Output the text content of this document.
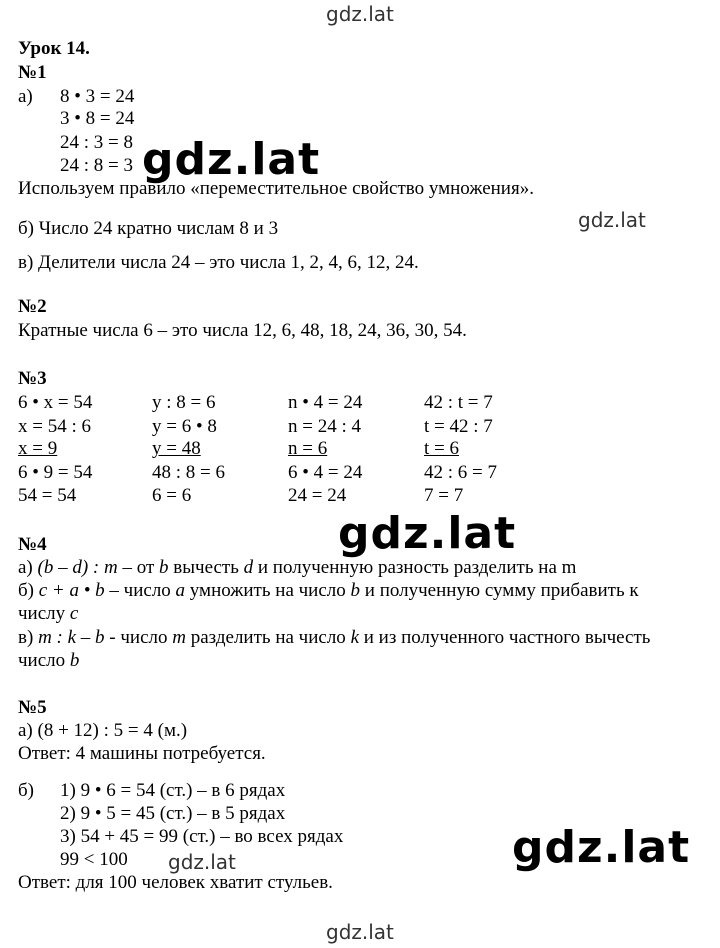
gdz.lat
gdz.lat
gdz.lat
gdz.lat
gdz.lat
gdz.lat
gdz.lat
Урок 14.
№1
а) 8 • 3 = 24
3 • 8 = 24
24 : 3 = 8
24 : 8 = 3
Используем правило «переместительное свойство умножения».
б) Число 24 кратно числам 8 и 3
в) Делители числа 24 – это числа 1, 2, 4, 6, 12, 24.
№2
Кратные числа 6 – это числа 12, 6, 48, 18, 24, 36, 30, 54.
№3
6 • x = 54
x = 54 : 6
x = 9
6 • 9 = 54
54 = 54
y : 8 = 6
y = 6 • 8
y = 48
48 : 8 = 6
6 = 6
n • 4 = 24
n = 24 : 4
n = 6
6 • 4 = 24
24 = 24
42 : t = 7
t = 42 : 7
t = 6
42 : 6 = 7
7 = 7
№4
а) (b – d) : m – от b вычесть d и полученную разность разделить на m
б) c + a • b – число a умножить на число b и полученную сумму прибавить к
числу c
в) m : k – b - число m разделить на число k и из полученного частного вычесть
число b
№5
а) (8 + 12) : 5 = 4 (м.)
Ответ: 4 машины потребуется.
б) 1) 9 • 6 = 54 (ст.) – в 6 рядах
2) 9 • 5 = 45 (ст.) – в 5 рядах
3) 54 + 45 = 99 (ст.) – во всех рядах
99 < 100
Ответ: для 100 человек хватит стульев.
